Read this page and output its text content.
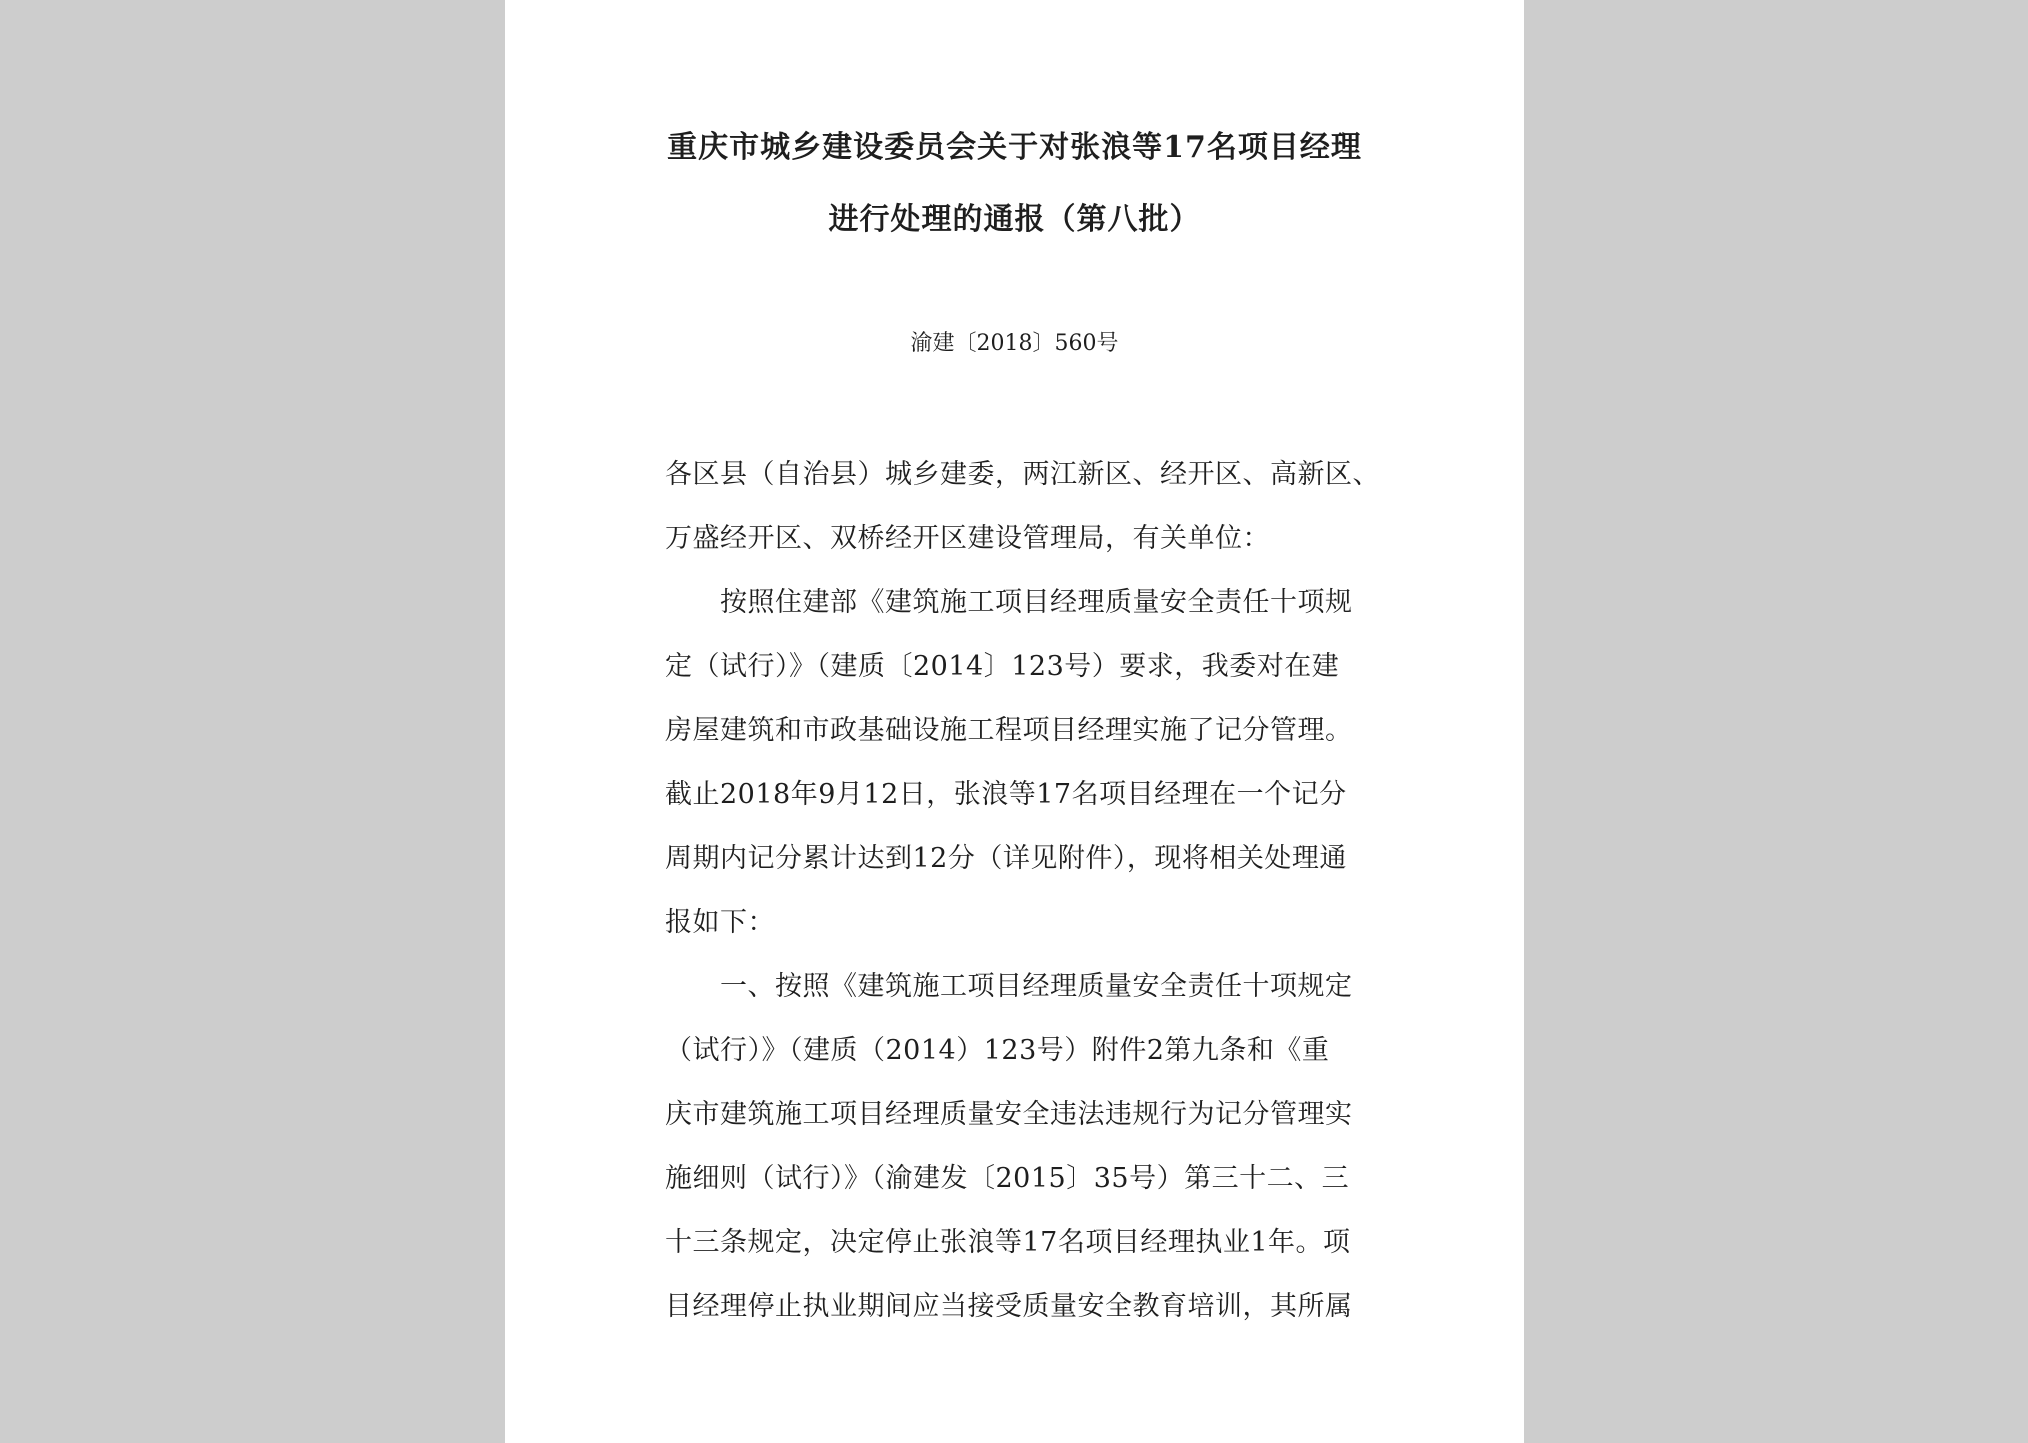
重庆市城乡建设委员会关于对张浪等17名项目经理
进行处理的通报（第八批）

渝建〔2018〕560号

各区县（自治县）城乡建委，两江新区、经开区、高新区、

万盛经开区、双桥经开区建设管理局，有关单位：

按照住建部《建筑施工项目经理质量安全责任十项规

定（试行）》（建质〔2014〕123号）要求，我委对在建

房屋建筑和市政基础设施工程项目经理实施了记分管理。

截止2018年9月12日，张浪等17名项目经理在一个记分

周期内记分累计达到12分（详见附件），现将相关处理通

报如下：

一、按照《建筑施工项目经理质量安全责任十项规定

（试行）》（建质（2014）123号）附件2第九条和《重

庆市建筑施工项目经理质量安全违法违规行为记分管理实

施细则（试行）》（渝建发〔2015〕35号）第三十二、三

十三条规定，决定停止张浪等17名项目经理执业1年。项

目经理停止执业期间应当接受质量安全教育培训，其所属
